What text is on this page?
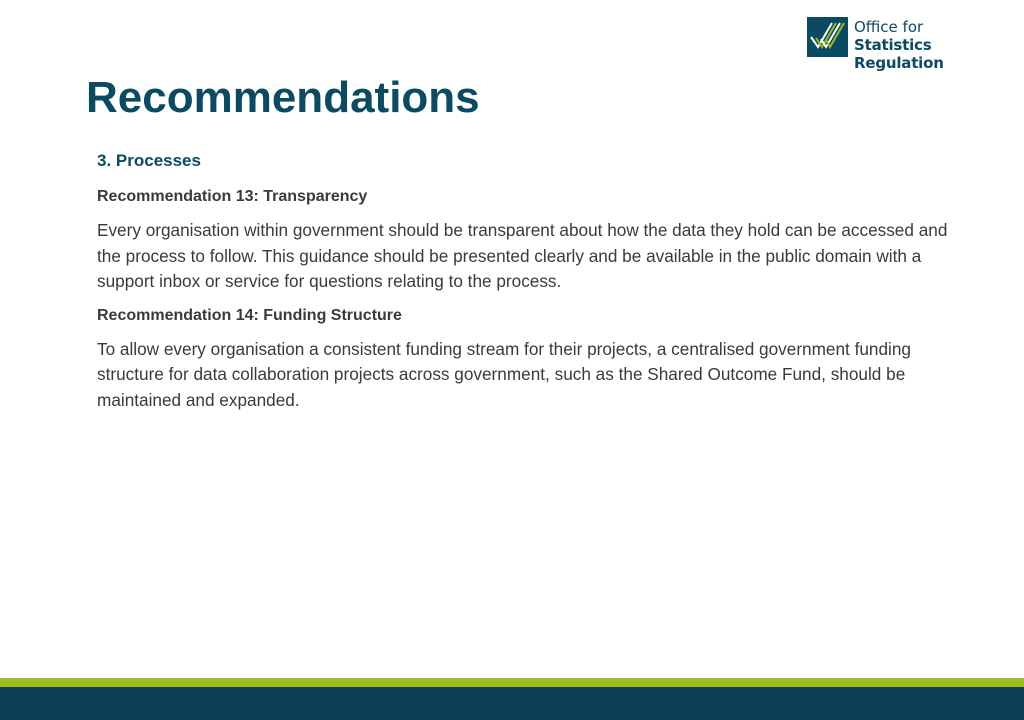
Office for
Statistics Regulation
Recommendations

3. Processes

Recommendation 13: Transparency

Every organisation within government should be transparent about how the data they hold can be accessed and the process to follow. This guidance should be presented clearly and be available in the public domain with a support inbox or service for questions relating to the process.

Recommendation 14: Funding Structure

To allow every organisation a consistent funding stream for their projects, a centralised government funding structure for data collaboration projects across government, such as the Shared Outcome Fund, should be maintained and expanded.
